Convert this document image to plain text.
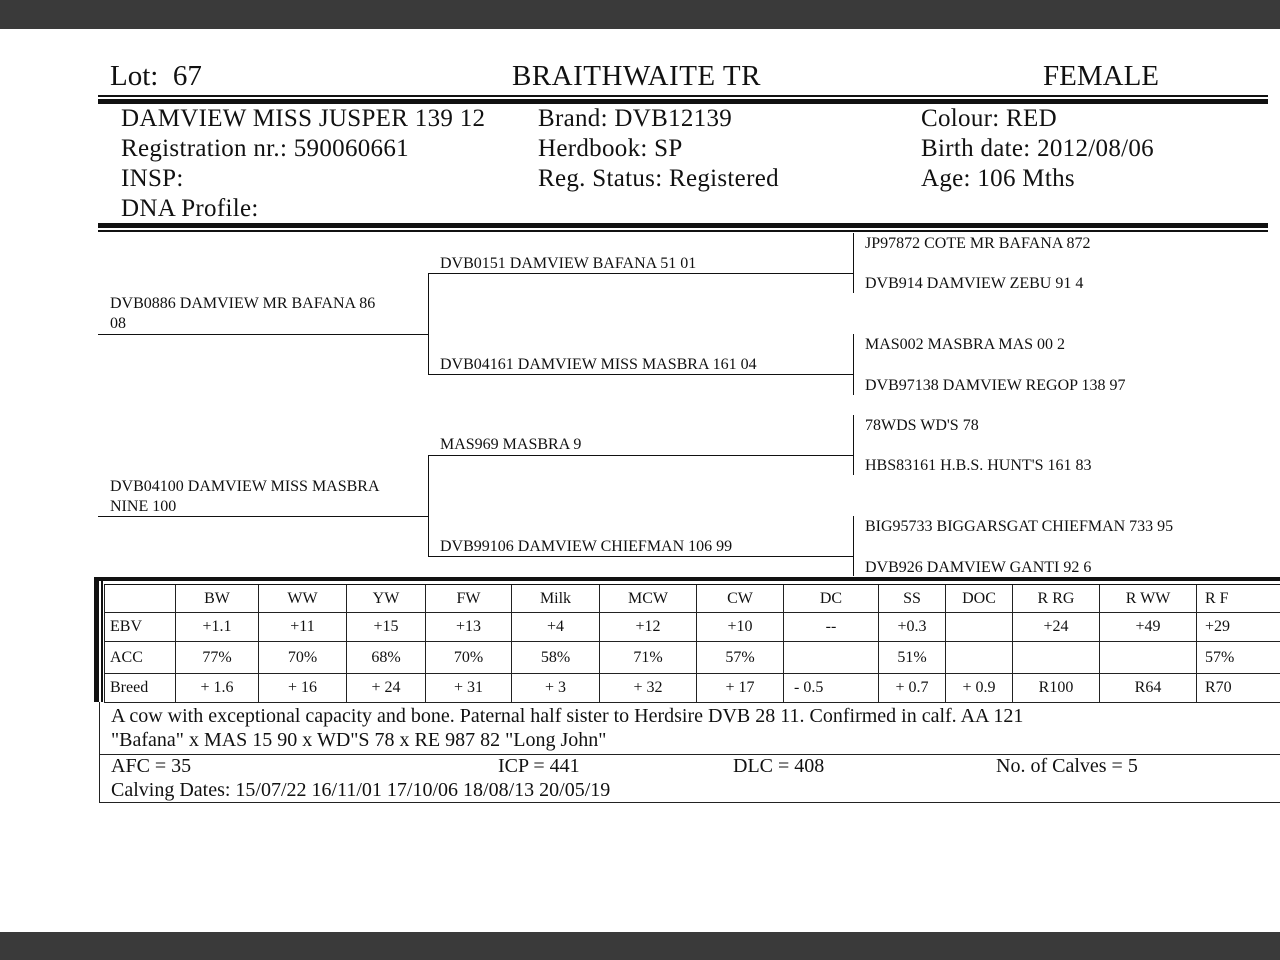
Lot: 67	BRAITHWAITE TR	FEMALE
DAMVIEW MISS JUSPER 139 12
Registration nr.: 590060661
INSP:
DNA Profile:
Brand: DVB12139
Herdbook: SP
Reg. Status: Registered
Colour: RED
Birth date: 2012/08/06
Age: 106 Mths
DVB0886 DAMVIEW MR BAFANA 86
08
DVB0151 DAMVIEW BAFANA 51 01
DVB04161 DAMVIEW MISS MASBRA 161 04
DVB04100 DAMVIEW MISS MASBRA
NINE 100
MAS969 MASBRA 9
DVB99106 DAMVIEW CHIEFMAN 106 99
JP97872 COTE MR BAFANA 872
DVB914 DAMVIEW ZEBU 91 4
MAS002 MASBRA MAS 00 2
DVB97138 DAMVIEW REGOP 138 97
78WDS WD'S 78
HBS83161 H.B.S. HUNT'S 161 83
BIG95733 BIGGARSGAT CHIEFMAN 733 95
DVB926 DAMVIEW GANTI 92 6
	BW	WW	YW	FW	Milk	MCW	CW	DC	SS	DOC	R RG	R WW	R F
EBV	+1.1	+11	+15	+13	+4	+12	+10	--	+0.3		+24	+49	+29
ACC	77%	70%	68%	70%	58%	71%	57%		51%				57%
Breed	+ 1.6	+ 16	+ 24	+ 31	+ 3	+ 32	+ 17	- 0.5	+ 0.7	+ 0.9	R100	R64	R70
A cow with exceptional capacity and bone. Paternal half sister to Herdsire DVB 28 11. Confirmed in calf. AA 121
"Bafana" x MAS 15 90 x WD"S 78 x RE 987 82 "Long John"
AFC = 35	ICP = 441	DLC = 408	No. of Calves = 5
Calving Dates: 15/07/22 16/11/01 17/10/06 18/08/13 20/05/19
